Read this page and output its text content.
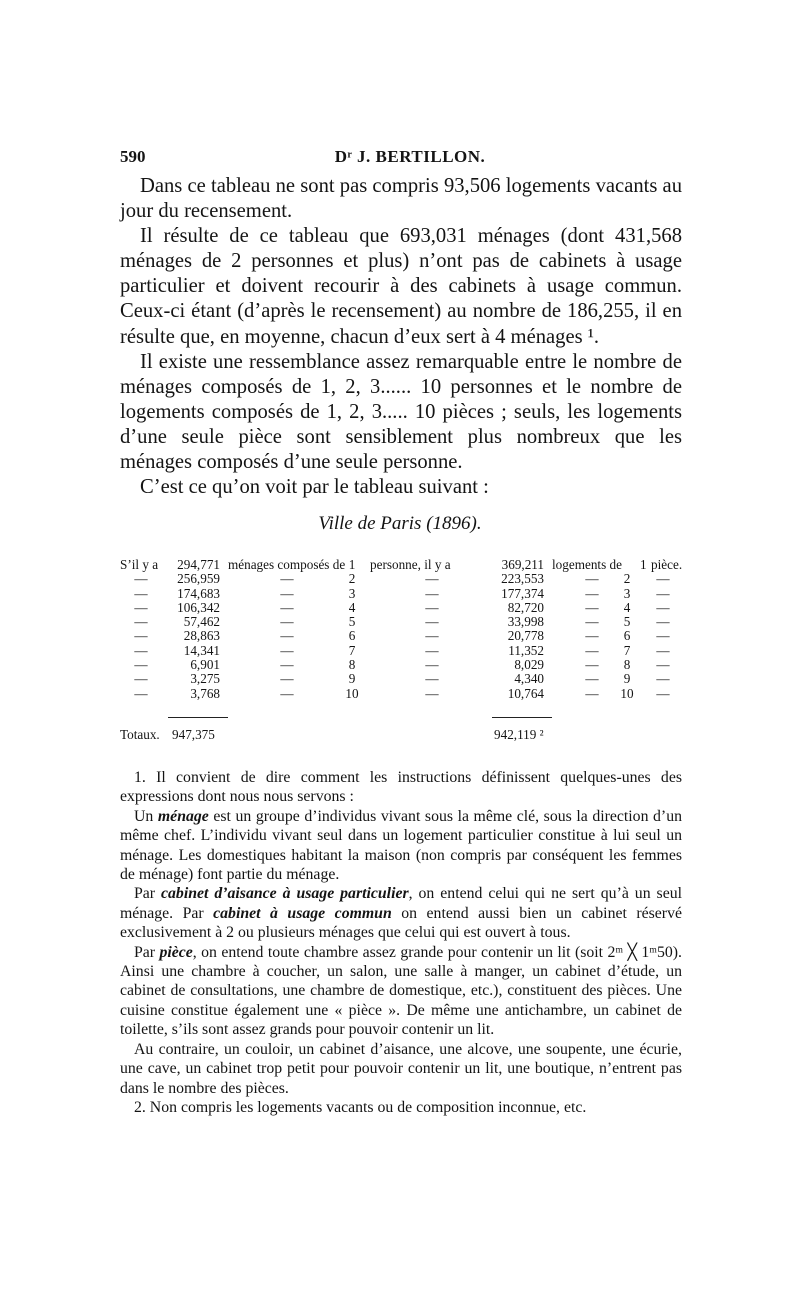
590	Dʳ J. BERTILLON.

Dans ce tableau ne sont pas compris 93,506 logements vacants au jour du recensement.

Il résulte de ce tableau que 693,031 ménages (dont 431,568 ménages de 2 personnes et plus) n’ont pas de cabinets à usage particulier et doivent recourir à des cabinets à usage commun. Ceux-ci étant (d’après le recensement) au nombre de 186,255, il en résulte que, en moyenne, chacun d’eux sert à 4 ménages ¹.

Il existe une ressemblance assez remarquable entre le nombre de ménages composés de 1, 2, 3...... 10 personnes et le nombre de logements composés de 1, 2, 3..... 10 pièces ; seuls, les logements d’une seule pièce sont sensiblement plus nombreux que les ménages composés d’une seule personne.

C’est ce qu’on voit par le tableau suivant :

Ville de Paris (1896).
S’il y a	294,771 ménages composés de 1	personne, il y a	369,211 logements de 1 pièce.
—	256,959	—	2	—	223,553	—	2	—
—	174,683	—	3	—	177,374	—	3	—
—	106,342	—	4	—	82,720	—	4	—
—	57,462	—	5	—	33,998	—	5	—
—	28,863	—	6	—	20,778	—	6	—
—	14,341	—	7	—	11,352	—	7	—
—	6,901	—	8	—	8,029	—	8	—
—	3,275	—	9	—	4,340	—	9	—
—	3,768	—	10	—	10,764	—	10	—
Totaux. 947,375	942,119 ²

1. Il convient de dire comment les instructions définissent quelques-unes des expressions dont nous nous servons :

Un ménage est un groupe d’individus vivant sous la même clé, sous la direction d’un même chef. L’individu vivant seul dans un logement particulier constitue à lui seul un ménage. Les domestiques habitant la maison (non compris par conséquent les femmes de ménage) font partie du ménage.

Par cabinet d’aisance à usage particulier, on entend celui qui ne sert qu’à un seul ménage. Par cabinet à usage commun on entend aussi bien un cabinet réservé exclusivement à 2 ou plusieurs ménages que celui qui est ouvert à tous.

Par pièce, on entend toute chambre assez grande pour contenir un lit (soit 2ᵐ ╳ 1ᵐ50). Ainsi une chambre à coucher, un salon, une salle à manger, un cabinet d’étude, un cabinet de consultations, une chambre de domestique, etc.), constituent des pièces. Une cuisine constitue également une « pièce ». De même une antichambre, un cabinet de toilette, s’ils sont assez grands pour pouvoir contenir un lit.

Au contraire, un couloir, un cabinet d’aisance, une alcove, une soupente, une écurie, une cave, un cabinet trop petit pour pouvoir contenir un lit, une boutique, n’entrent pas dans le nombre des pièces.

2. Non compris les logements vacants ou de composition inconnue, etc.
